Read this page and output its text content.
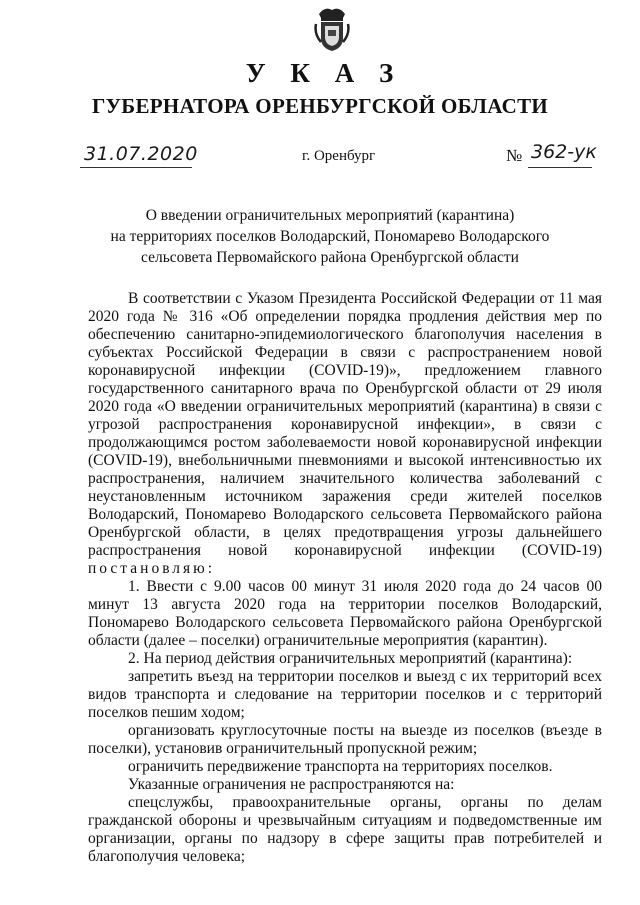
У К А З
ГУБЕРНАТОРА ОРЕНБУРГСКОЙ ОБЛАСТИ
31.07.2020	г. Оренбург	№ 362-ук
О введении ограничительных мероприятий (карантина)
на территориях поселков Володарский, Пономарево Володарского
сельсовета Первомайского района Оренбургской области

В соответствии с Указом Президента Российской Федерации от 11 мая 2020 года № 316 «Об определении порядка продления действия мер по обеспечению санитарно-эпидемиологического благополучия населения в субъектах Российской Федерации в связи с распространением новой коронавирусной инфекции (COVID-19)», предложением главного государственного санитарного врача по Оренбургской области от 29 июля 2020 года «О введении ограничительных мероприятий (карантина) в связи с угрозой распространения коронавирусной инфекции», в связи с продолжающимся ростом заболеваемости новой коронавирусной инфекции (COVID-19), внебольничными пневмониями и высокой интенсивностью их распространения, наличием значительного количества заболеваний с неустановленным источником заражения среди жителей поселков Володарский, Пономарево Володарского сельсовета Первомайского района Оренбургской области, в целях предотвращения угрозы дальнейшего распространения новой коронавирусной инфекции (COVID-19) постановляю:

1. Ввести с 9.00 часов 00 минут 31 июля 2020 года до 24 часов 00 минут 13 августа 2020 года на территории поселков Володарский, Пономарево Володарского сельсовета Первомайского района Оренбургской области (далее – поселки) ограничительные мероприятия (карантин).

2. На период действия ограничительных мероприятий (карантина):

запретить въезд на территории поселков и выезд с их территорий всех видов транспорта и следование на территории поселков и с территорий поселков пешим ходом;

организовать круглосуточные посты на выезде из поселков (въезде в поселки), установив ограничительный пропускной режим;

ограничить передвижение транспорта на территориях поселков.

Указанные ограничения не распространяются на:

спецслужбы, правоохранительные органы, органы по делам гражданской обороны и чрезвычайным ситуациям и подведомственные им организации, органы по надзору в сфере защиты прав потребителей и благополучия человека;
